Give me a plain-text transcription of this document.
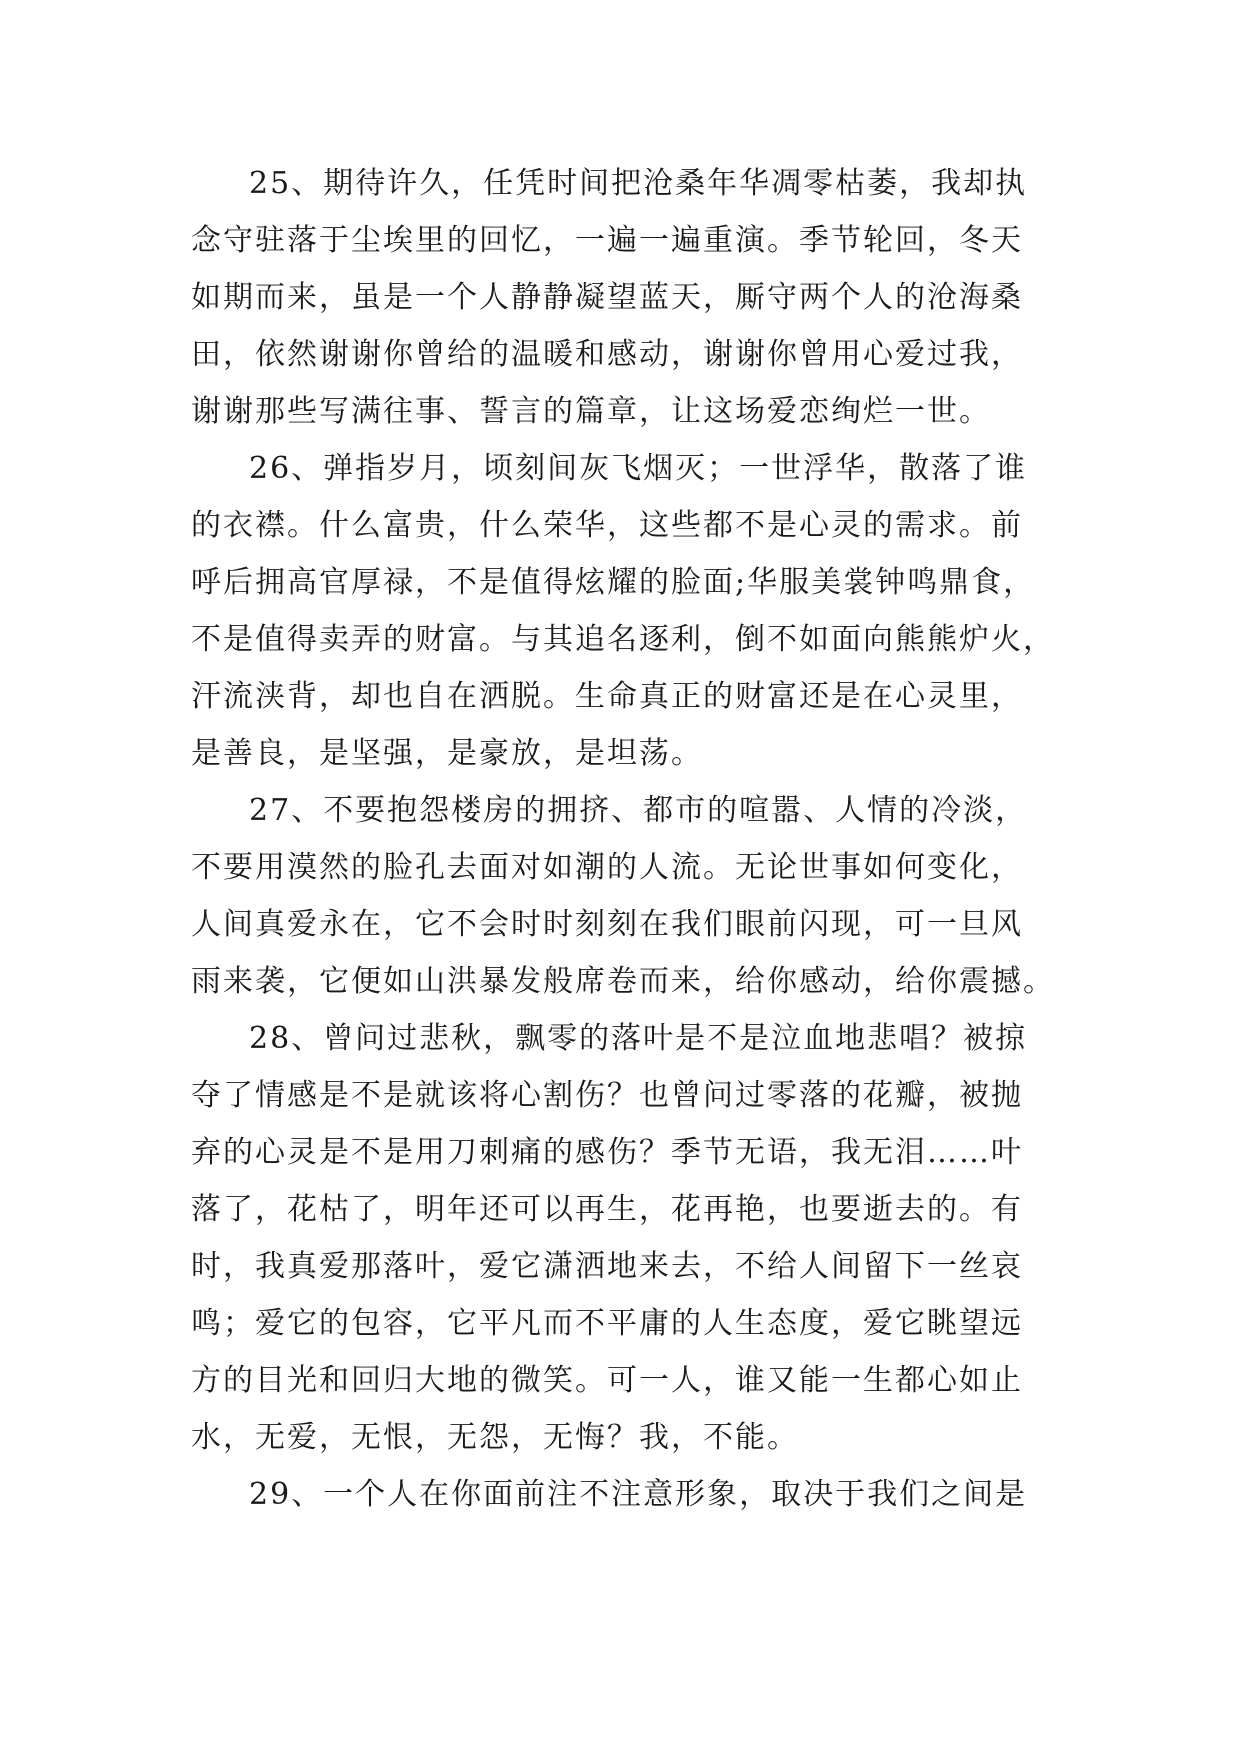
25、期待许久，任凭时间把沧桑年华凋零枯萎，我却执
念守驻落于尘埃里的回忆，一遍一遍重演。季节轮回，冬天
如期而来，虽是一个人静静凝望蓝天，厮守两个人的沧海桑
田，依然谢谢你曾给的温暖和感动，谢谢你曾用心爱过我，
谢谢那些写满往事、誓言的篇章，让这场爱恋绚烂一世。

26、弹指岁月，顷刻间灰飞烟灭；一世浮华，散落了谁
的衣襟。什么富贵，什么荣华，这些都不是心灵的需求。前
呼后拥高官厚禄，不是值得炫耀的脸面;华服美裳钟鸣鼎食，
不是值得卖弄的财富。与其追名逐利，倒不如面向熊熊炉火，
汗流浃背，却也自在洒脱。生命真正的财富还是在心灵里，
是善良，是坚强，是豪放，是坦荡。

27、不要抱怨楼房的拥挤、都市的喧嚣、人情的冷淡，
不要用漠然的脸孔去面对如潮的人流。无论世事如何变化，
人间真爱永在，它不会时时刻刻在我们眼前闪现，可一旦风
雨来袭，它便如山洪暴发般席卷而来，给你感动，给你震撼。

28、曾问过悲秋，飘零的落叶是不是泣血地悲唱？被掠
夺了情感是不是就该将心割伤？也曾问过零落的花瓣，被抛
弃的心灵是不是用刀刺痛的感伤？季节无语，我无泪……叶
落了，花枯了，明年还可以再生，花再艳，也要逝去的。有
时，我真爱那落叶，爱它潇洒地来去，不给人间留下一丝哀
鸣；爱它的包容，它平凡而不平庸的人生态度，爱它眺望远
方的目光和回归大地的微笑。可一人，谁又能一生都心如止
水，无爱，无恨，无怨，无悔？我，不能。

29、一个人在你面前注不注意形象，取决于我们之间是
